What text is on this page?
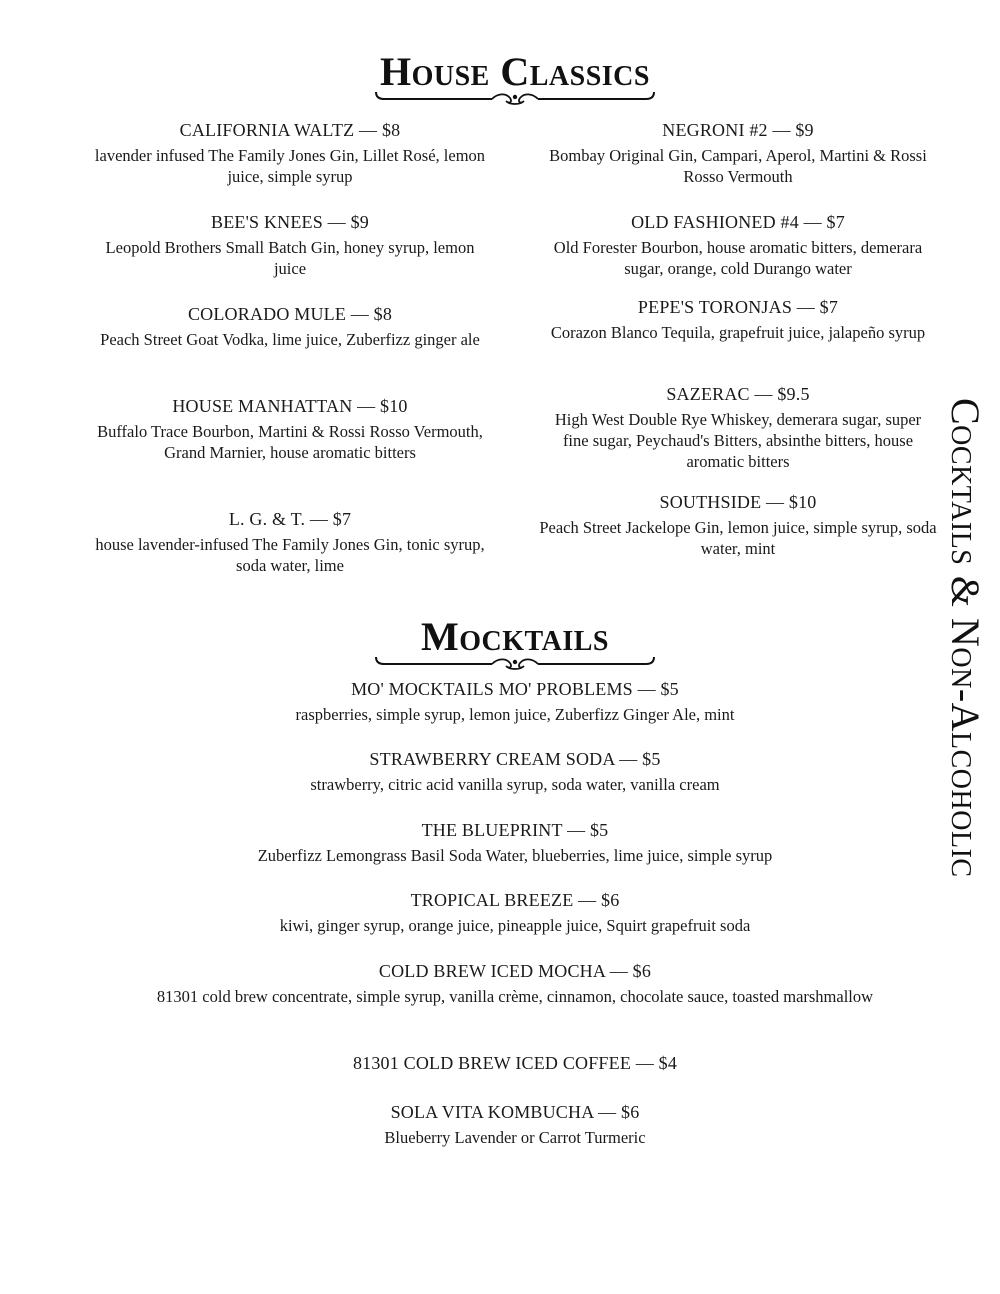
House Classics
CALIFORNIA WALTZ — $8
lavender infused The Family Jones Gin, Lillet Rosé, lemon juice, simple syrup
BEE'S KNEES — $9
Leopold Brothers Small Batch Gin, honey syrup, lemon juice
COLORADO MULE — $8
Peach Street Goat Vodka, lime juice, Zuberfizz ginger ale
HOUSE MANHATTAN — $10
Buffalo Trace Bourbon, Martini & Rossi Rosso Vermouth, Grand Marnier, house aromatic bitters
L. G. & T. — $7
house lavender-infused The Family Jones Gin, tonic syrup, soda water, lime
NEGRONI #2 — $9
Bombay Original Gin, Campari, Aperol, Martini & Rossi Rosso Vermouth
OLD FASHIONED #4 — $7
Old Forester Bourbon, house aromatic bitters, demerara sugar, orange, cold Durango water
PEPE'S TORONJAS — $7
Corazon Blanco Tequila, grapefruit juice, jalapeño syrup
SAZERAC — $9.5
High West Double Rye Whiskey, demerara sugar, super fine sugar, Peychaud's Bitters, absinthe bitters, house aromatic bitters
SOUTHSIDE — $10
Peach Street Jackelope Gin, lemon juice, simple syrup, soda water, mint
Mocktails
MO' MOCKTAILS MO' PROBLEMS — $5
raspberries, simple syrup, lemon juice, Zuberfizz Ginger Ale, mint
STRAWBERRY CREAM SODA — $5
strawberry, citric acid vanilla syrup, soda water, vanilla cream
THE BLUEPRINT — $5
Zuberfizz Lemongrass Basil Soda Water, blueberries, lime juice, simple syrup
TROPICAL BREEZE — $6
kiwi, ginger syrup, orange juice, pineapple juice, Squirt grapefruit soda
COLD BREW ICED MOCHA — $6
81301 cold brew concentrate, simple syrup, vanilla crème, cinnamon, chocolate sauce, toasted marshmallow
81301 COLD BREW ICED COFFEE — $4
SOLA VITA KOMBUCHA — $6
Blueberry Lavender or Carrot Turmeric
Cocktails & Non-Alcoholic
